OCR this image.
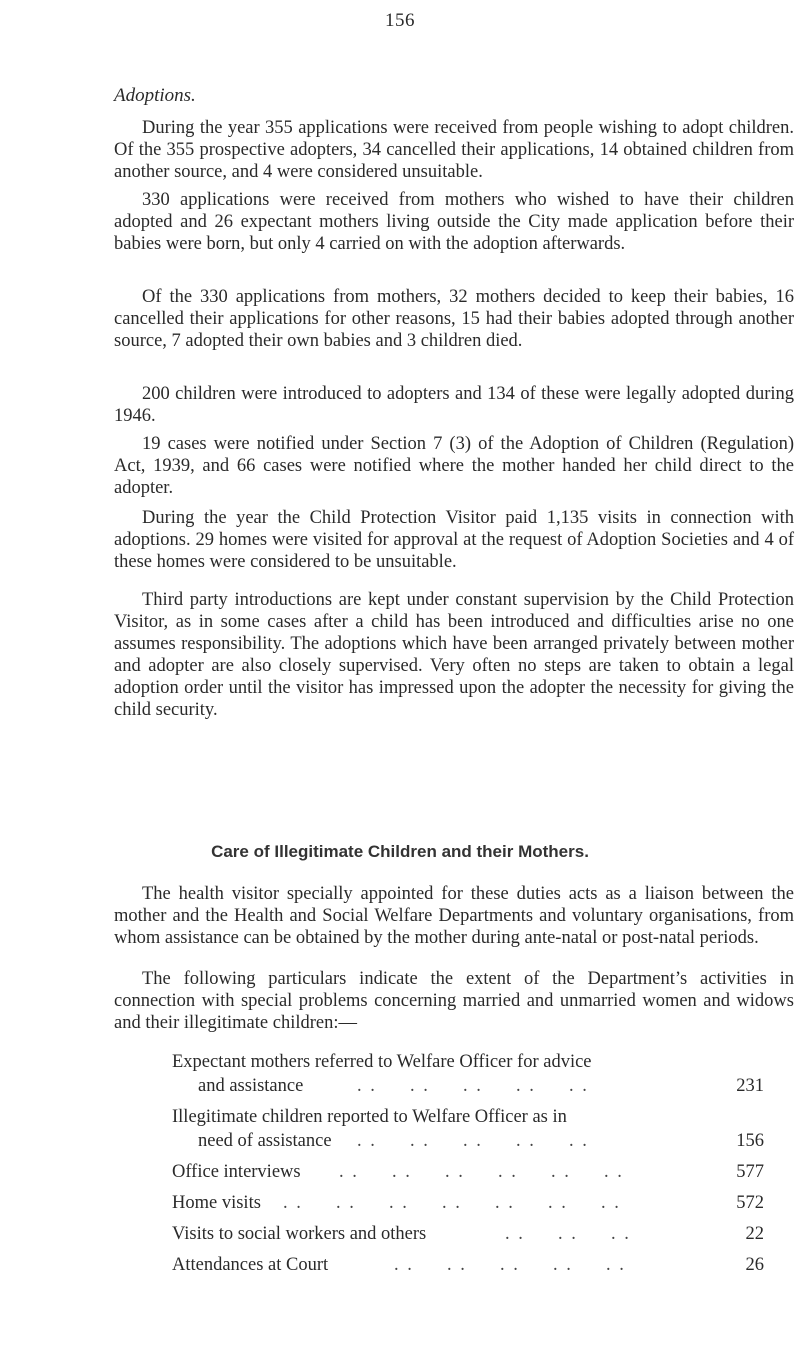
156
Adoptions.

During the year 355 applications were received from people wishing to adopt children. Of the 355 prospective adopters, 34 cancelled their applications, 14 obtained children from another source, and 4 were considered unsuitable.

330 applications were received from mothers who wished to have their children adopted and 26 expectant mothers living outside the City made application before their babies were born, but only 4 carried on with the adoption afterwards.

Of the 330 applications from mothers, 32 mothers decided to keep their babies, 16 cancelled their applications for other reasons, 15 had their babies adopted through another source, 7 adopted their own babies and 3 children died.

200 children were introduced to adopters and 134 of these were legally adopted during 1946.

19 cases were notified under Section 7 (3) of the Adoption of Children (Regulation) Act, 1939, and 66 cases were notified where the mother handed her child direct to the adopter.

During the year the Child Protection Visitor paid 1,135 visits in connection with adoptions. 29 homes were visited for approval at the request of Adoption Societies and 4 of these homes were considered to be unsuitable.

Third party introductions are kept under constant supervision by the Child Protection Visitor, as in some cases after a child has been introduced and difficulties arise no one assumes responsibility. The adoptions which have been arranged privately between mother and adopter are also closely supervised. Very often no steps are taken to obtain a legal adoption order until the visitor has impressed upon the adopter the necessity for giving the child security.

Care of Illegitimate Children and their Mothers.

The health visitor specially appointed for these duties acts as a liaison between the mother and the Health and Social Welfare Departments and voluntary organisations, from whom assistance can be obtained by the mother during ante-natal or post-natal periods.

The following particulars indicate the extent of the Department’s activities in connection with special problems concerning married and unmarried women and widows and their illegitimate children:—

Expectant mothers referred to Welfare Officer for advice
and assistance	. .     . .     . .     . .     . .	231
Illegitimate children reported to Welfare Officer as in
need of assistance . .     . .     . .     . .     . .	156
Office interviews . .     . .     . .     . .     . .     . .	577
Home visits . .     . .     . .     . .     . .     . .     . .	572
Visits to social workers and others	. .     . .     . .	22
Attendances at Court	. .     . .     . .     . .     . .	26
